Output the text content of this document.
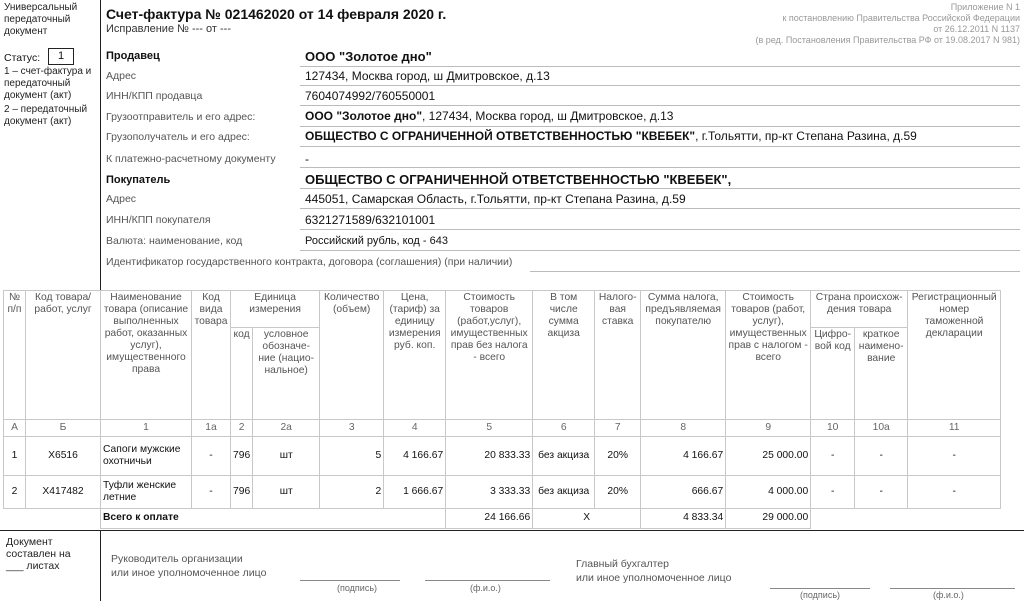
Универсальный передаточный документ
Статус:	1
1 – счет-фактура и передаточный документ (акт)
2 – передаточный документ (акт)
Счет-фактура № 021462020 от 14 февраля 2020 г.
Исправление № --- от ---
Приложение N 1
к постановлению Правительства Российской Федерации
от 26.12.2011 N 1137
(в ред. Постановления Правительства РФ от 19.08.2017 N 981)
Продавец	ООО "Золотое дно"
Адрес	127434, Москва город, ш Дмитровское, д.13
ИНН/КПП продавца	7604074992/760550001
Грузоотправитель и его адрес:	ООО "Золотое дно", 127434, Москва город, ш Дмитровское, д.13
Грузополучатель и его адрес:	ОБЩЕСТВО С ОГРАНИЧЕННОЙ ОТВЕТСТВЕННОСТЬЮ "КВЕБЕК", г.Тольятти, пр-кт Степана Разина, д.59
К платежно-расчетному документу -
Покупатель	ОБЩЕСТВО С ОГРАНИЧЕННОЙ ОТВЕТСТВЕННОСТЬЮ "КВЕБЕК",
Адрес	445051, Самарская Область, г.Тольятти, пр-кт Степана Разина, д.59
ИНН/КПП покупателя	6321271589/632101001
Валюта: наименование, код	Российский рубль, код - 643
Идентификатор государственного контракта, договора (соглашения) (при наличии)
№ п/п	Код товара/ работ, услуг	Наименование товара (описание выполненных работ, оказанных услуг), имущественного права	Код вида товара	Единица измерения		Количество (объем)	Цена, (тариф) за единицу измерения руб. коп.	Стоимость товаров (работ,услуг), имущественных прав без налога - всего	В том числе сумма акциза	Налого- вая ставка	Сумма налога, предъявляемая покупателю	Стоимость товаров (работ, услуг), имущественных прав с налогом - всего	Страна происхож- дения товара		Регистрационный номер таможенной декларации
				код	условное обозначе- ние (нацио- нальное)								Цифро- вой код	краткое наимено- вание	
А	Б	1	1а	2	2а	3	4	5	6	7	8	9	10	10а	11
1	Х6516	Сапоги мужские охотничьи	-	796	шт	5	4 166.67	20 833.33	без акциза	20%	4 166.67	25 000.00	-	-	-
2	Х417482	Туфли женские летние	-	796	шт	2	1 666.67	3 333.33	без акциза	20%	666.67	4 000.00	-	-	-
		Всего к оплате						24 166.66	X		4 833.34	29 000.00			
Документ составлен на
___ листах
Руководитель организации
или иное уполномоченное лицо
(подпись)	(ф.и.о.)
Главный бухгалтер
или иное уполномоченное лицо
(подпись)	(ф.и.о.)
